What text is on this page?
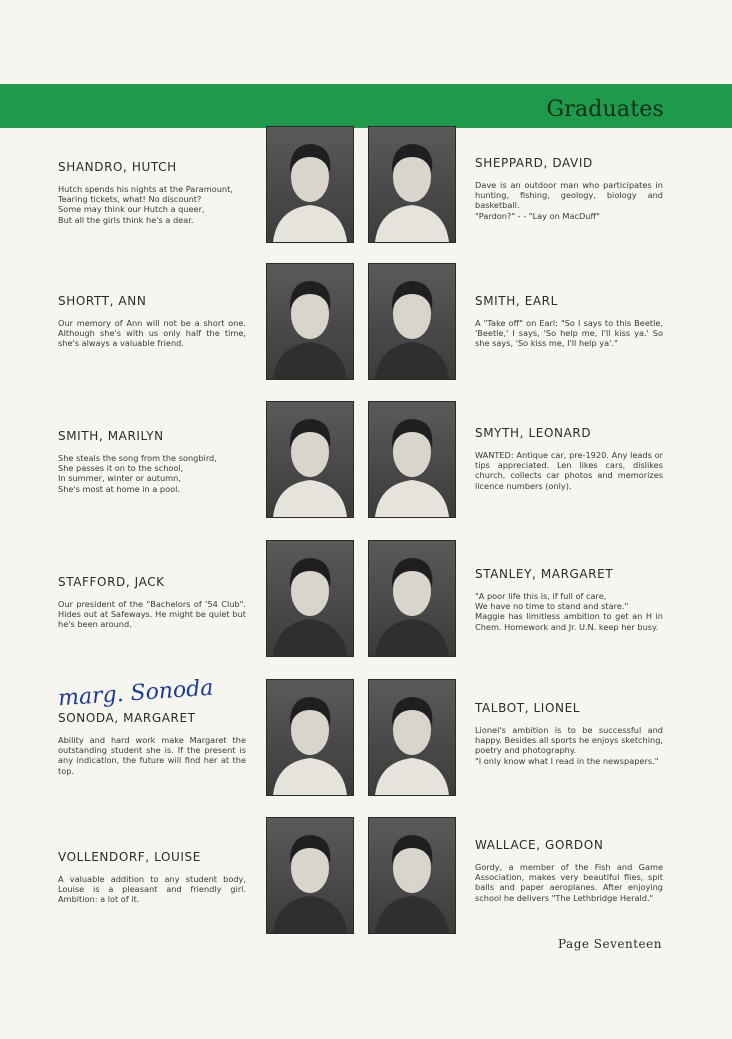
Graduates
SHANDRO, HUTCH
Hutch spends his nights at the Paramount,
Tearing tickets, what! No discount?
Some may think our Hutch a queer,
But all the girls think he's a dear.
SHORTT, ANN
Our memory of Ann will not be a short one. Although she's with us only half the time, she's always a valuable friend.
SMITH, MARILYN
She steals the song from the songbird,
She passes it on to the school,
In summer, winter or autumn,
She's most at home in a pool.
STAFFORD, JACK
Our president of the "Bachelors of '54 Club". Hides out at Safeways. He might be quiet but he's been around.
marg. Sonoda
SONODA, MARGARET
Ability and hard work make Margaret the outstanding student she is. If the present is any indication, the future will find her at the top.
VOLLENDORF, LOUISE
A valuable addition to any student body, Louise is a pleasant and friendly girl. Ambition: a lot of it.
SHEPPARD, DAVID
Dave is an outdoor man who participates in hunting, fishing, geology, biology and basketball.
"Pardon?" - - "Lay on MacDuff"
SMITH, EARL
A "Take off" on Earl: "So I says to this Beetle, 'Beetle,' I says, 'So help me, I'll kiss ya.' So she says, 'So kiss me, I'll help ya'."
SMYTH, LEONARD
WANTED: Antique car, pre-1920. Any leads or tips appreciated. Len likes cars, dislikes church, collects car photos and memorizes licence numbers (only).
STANLEY, MARGARET
"A poor life this is, if full of care,
We have no time to stand and stare."
Maggie has limitless ambition to get an H in Chem. Homework and Jr. U.N. keep her busy.
TALBOT, LIONEL
Lionel's ambition is to be successful and happy. Besides all sports he enjoys sketching, poetry and photography.
"I only know what I read in the newspapers."
WALLACE, GORDON
Gordy, a member of the Fish and Game Association, makes very beautiful flies, spit balls and paper aeroplanes. After enjoying school he delivers "The Lethbridge Herald."
Page Seventeen
